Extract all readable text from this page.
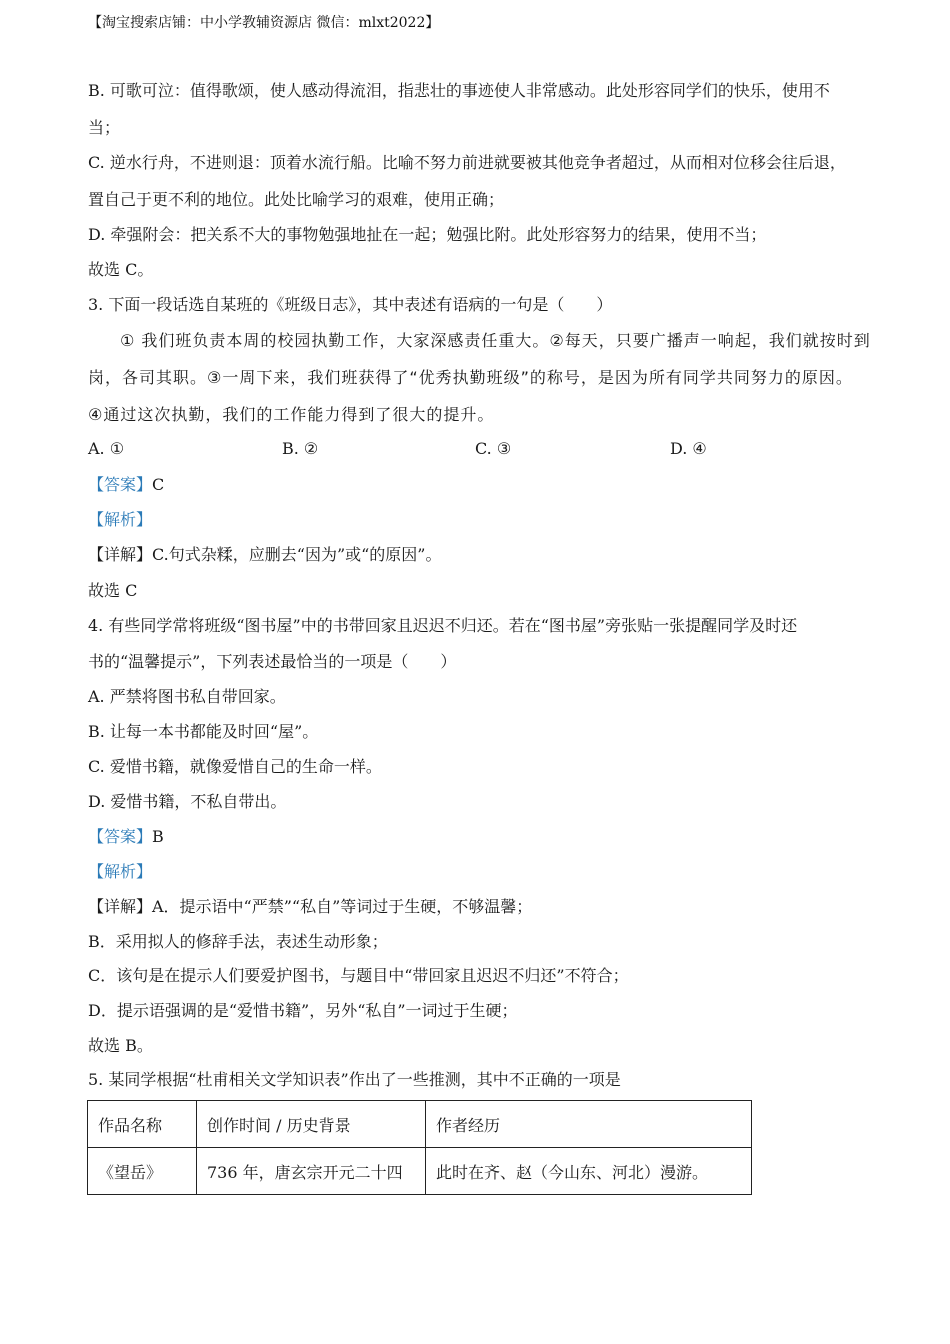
【淘宝搜索店铺：中小学教辅资源店 微信：mlxt2022】
B. 可歌可泣：值得歌颂，使人感动得流泪，指悲壮的事迹使人非常感动。此处形容同学们的快乐，使用不
当；
C. 逆水行舟，不进则退：顶着水流行船。比喻不努力前进就要被其他竞争者超过，从而相对位移会往后退，
置自己于更不利的地位。此处比喻学习的艰难，使用正确；
D. 牵强附会：把关系不大的事物勉强地扯在一起；勉强比附。此处形容努力的结果，使用不当；
故选 C。
3. 下面一段话选自某班的《班级日志》，其中表述有语病的一句是（　　）
① 我们班负责本周的校园执勤工作，大家深感责任重大。②每天，只要广播声一响起，我们就按时到
岗，各司其职。③一周下来，我们班获得了“优秀执勤班级”的称号，是因为所有同学共同努力的原因。
④通过这次执勤，我们的工作能力得到了很大的提升。
A. ①	B. ②	C. ③	D. ④
【答案】C
【解析】
【详解】C.句式杂糅，应删去“因为”或“的原因”。
故选 C
4. 有些同学常将班级“图书屋”中的书带回家且迟迟不归还。若在“图书屋”旁张贴一张提醒同学及时还
书的“温馨提示”，下列表述最恰当的一项是（　　）
A. 严禁将图书私自带回家。
B. 让每一本书都能及时回“屋”。
C. 爱惜书籍，就像爱惜自己的生命一样。
D. 爱惜书籍，不私自带出。
【答案】B
【解析】
【详解】A．提示语中“严禁”“私自”等词过于生硬，不够温馨；
B．采用拟人的修辞手法，表述生动形象；
C．该句是在提示人们要爱护图书，与题目中“带回家且迟迟不归还”不符合；
D．提示语强调的是“爱惜书籍”，另外“私自”一词过于生硬；
故选 B。
5. 某同学根据“杜甫相关文学知识表”作出了一些推测，其中不正确的一项是
作品名称	创作时间 / 历史背景	作者经历
《望岳》	736 年，唐玄宗开元二十四	此时在齐、赵（今山东、河北）漫游。
